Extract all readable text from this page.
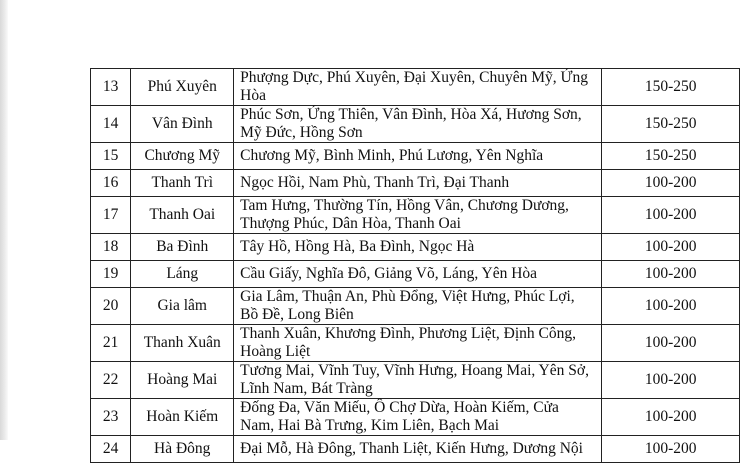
13	Phú Xuyên	Phượng Dực, Phú Xuyên, Đại Xuyên, Chuyên Mỹ, Ứng Hòa	150-250
14	Vân Đình	Phúc Sơn, Ứng Thiên, Vân Đình, Hòa Xá, Hương Sơn, Mỹ Đức, Hồng Sơn	150-250
15	Chương Mỹ	Chương Mỹ, Bình Minh, Phú Lương, Yên Nghĩa	150-250
16	Thanh Trì	Ngọc Hồi, Nam Phù, Thanh Trì, Đại Thanh	100-200
17	Thanh Oai	Tam Hưng, Thường Tín, Hồng Vân, Chương Dương, Thượng Phúc, Dân Hòa, Thanh Oai	100-200
18	Ba Đình	Tây Hồ, Hồng Hà, Ba Đình, Ngọc Hà	100-200
19	Láng	Cầu Giấy, Nghĩa Đô, Giảng Võ, Láng, Yên Hòa	100-200
20	Gia lâm	Gia Lâm, Thuận An, Phù Đổng, Việt Hưng, Phúc Lợi, Bồ Đề, Long Biên	100-200
21	Thanh Xuân	Thanh Xuân, Khương Đình, Phương Liệt, Định Công, Hoàng Liệt	100-200
22	Hoàng Mai	Tương Mai, Vĩnh Tuy, Vĩnh Hưng, Hoang Mai, Yên Sở, Lĩnh Nam, Bát Tràng	100-200
23	Hoàn Kiếm	Đống Đa, Văn Miếu, Ô Chợ Dừa, Hoàn Kiếm, Cửa Nam, Hai Bà Trưng, Kim Liên, Bạch Mai	100-200
24	Hà Đông	Đại Mỗ, Hà Đông, Thanh Liệt, Kiến Hưng, Dương Nội	100-200
